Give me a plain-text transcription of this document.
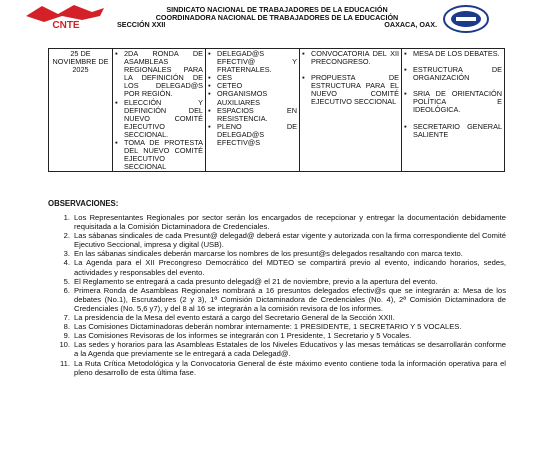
CNTE
SINDICATO NACIONAL DE TRABAJADORES DE LA EDUCACIÓN
COORDINADORA NACIONAL DE TRABAJADORES DE LA EDUCACIÓN
SECCIÓN XXII	OAXACA, OAX.
25 DE NOVIEMBRE DE 2025	
▪ 2DA RONDA DE ASAMBLEAS REGIONALES PARA LA DEFINICIÓN DE LOS DELEGAD@S POR REGIÓN.
▪ ELECCIÓN Y DEFINICIÓN DEL NUEVO COMITÉ EJECUTIVO SECCIONAL.
▪ TOMA DE PROTESTA DEL NUEVO COMITÉ EJECUTIVO SECCIONAL

▪ DELEGAD@S EFECTIV@ Y FRATERNALES.
▪ CES
▪ CETEO
▪ ORGANISMOS AUXILIARES
▪ ESPACIOS EN RESISTENCIA.
▪ PLENO DE DELEGAD@S EFECTIV@S

▪ CONVOCATORIA DEL XII PRECONGRESO.
▪ PROPUESTA DE ESTRUCTURA PARA EL NUEVO COMITÉ EJECUTIVO SECCIONAL

▪ MESA DE LOS DEBATES.
▪ ESTRUCTURA DE ORGANIZACIÓN
▪ SRIA DE ORIENTACIÓN POLÍTICA E IDEOLÓGICA.
▪ SECRETARIO GENERAL SALIENTE
OBSERVACIONES:
1. Los Representantes Regionales por sector serán los encargados de recepcionar y entregar la documentación debidamente requisitada a la Comisión Dictaminadora de Credenciales.
2. Las sábanas sindicales de cada Presunt@ delegad@ deberá estar vigente y autorizada con la firma correspondiente del Comité Ejecutivo Seccional, impresa y digital (USB).
3. En las sábanas sindicales deberán marcarse los nombres de los presunt@s delegados resaltando con marca texto.
4. La Agenda para el XII Precongreso Democrático del MDTEO se compartirá previo al evento, indicando horarios, sedes, actividades y responsables del evento.
5. El Reglamento se entregará a cada presunto delegad@ el 21 de noviembre, previo a la apertura del evento.
6. Primera Ronda de Asambleas Regionales nombrará a 16 presuntos delegados efectiv@s que se integrarán a: Mesa de los debates (No.1), Escrutadores (2 y 3), 1ª Comisión Dictaminadora de Credenciales (No. 4), 2ª Comisión Dictaminadora de Credenciales (No. 5,6 y7), y del 8 al 16 se integrarán a la comisión revisora de los informes.
7. La presidencia de la Mesa del evento estará a cargo del Secretario General de la Sección XXII.
8. Las Comisiones Dictaminadoras deberán nombrar internamente: 1 PRESIDENTE, 1 SECRETARIO Y 5 VOCALES.
9. Las Comisiones Revisoras de los informes se integrarán con 1 Presidente, 1 Secretario y 5 Vocales.
10. Las sedes y horarios para las Asambleas Estatales de los Niveles Educativos y las mesas temáticas se desarrollarán conforme a la Agenda que previamente se le entregará a cada Delegad@.
11. La Ruta Crítica Metodológica y la Convocatoria General de éste máximo evento contiene toda la información operativa para el pleno desarrollo de esta última fase.
